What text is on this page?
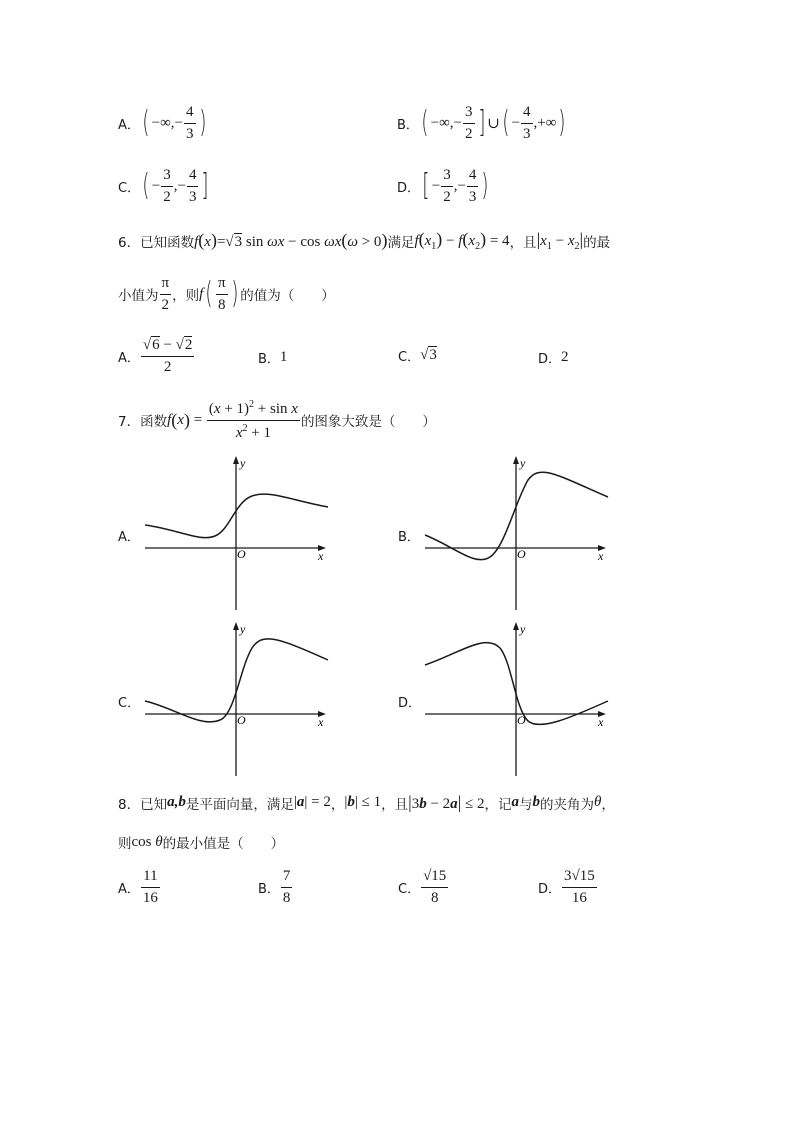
A． ( −∞,− $\frac{4}{3}$ )	B． ( −∞,− $\frac{3}{2}$ ] ∪ ( − $\frac{4}{3}$ ,+∞ )
C． ( − $\frac{3}{2}$ ,− $\frac{4}{3}$ ]	D． [ − $\frac{3}{2}$ ,− $\frac{4}{3}$ )
6． 已知函数 f(x)=√3 sin ωx − cos ωx(ω > 0) 满足 $f(x_1) - f(x_2) = 4$ ，且 $|x_1 - x_2|$ 的最
小值为 $\frac{\pi}{2}$ ，则 f ( $\frac{\pi}{8}$ ) 的值为（　　）
A． $\frac{√6 - √2}{2}$	B． 1	C． √3	D． 2
7． 函数 f ( x ) = $\frac{(x + 1)^2 + \sin x}{x^2 + 1}$ 的图象大致是（　　）
A．	B．
C．	D．
y
x
O
y
x
O
y
x
O
y
x
O
8． 已知 a,b 是平面向量，满足 |a| = 2 ， |b| ≤ 1 ，且 |3b − 2a| ≤ 2 ，记 a 与 b 的夹角为 θ ，
则 cos θ 的最小值是（　　）
A． $\frac{11}{16}$	B． $\frac{7}{8}$	C． $\frac{√15}{8}$	D． $\frac{3√15}{16}$
